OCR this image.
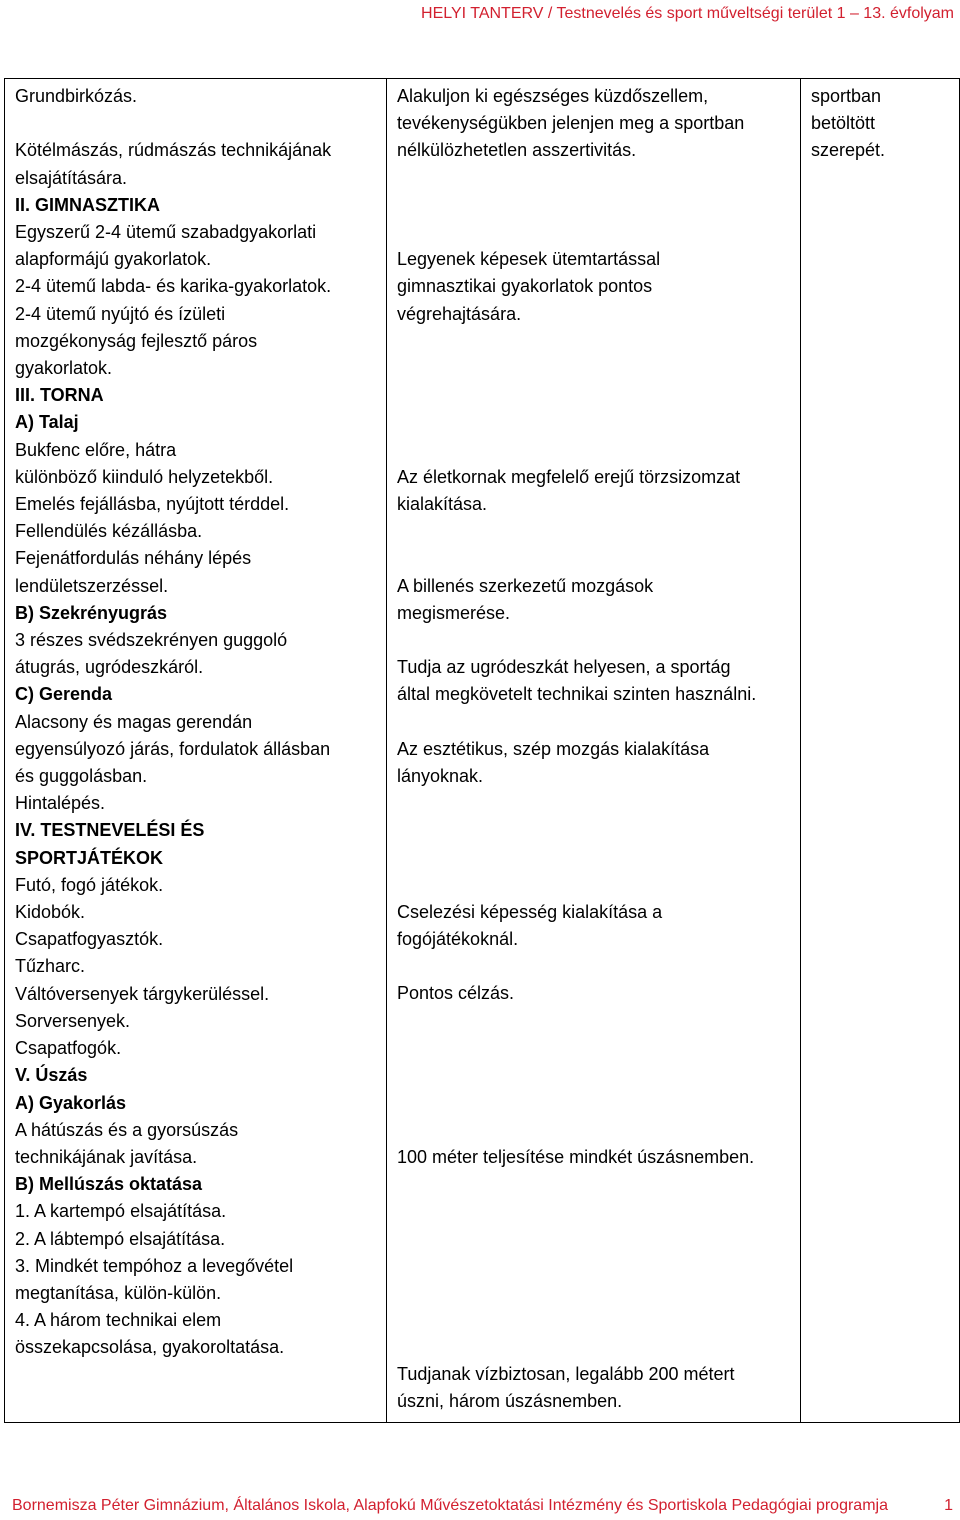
HELYI TANTERV / Testnevelés és sport műveltségi terület 1 – 13. évfolyam
Grundbirkózás.
Kötélmászás, rúdmászás technikájának
elsajátítására.
II. GIMNASZTIKA
Egyszerű 2-4 ütemű szabadgyakorlati
alapformájú gyakorlatok.
2-4 ütemű labda- és karika-gyakorlatok.
2-4 ütemű nyújtó és ízületi
mozgékonyság fejlesztő páros
gyakorlatok.
III. TORNA
A) Talaj
Bukfenc előre, hátra
különböző kiinduló helyzetekből.
Emelés fejállásba, nyújtott térddel.
Fellendülés kézállásba.
Fejenátfordulás néhány lépés
lendületszerzéssel.
B) Szekrényugrás
3 részes svédszekrényen guggoló
átugrás, ugródeszkáról.
C) Gerenda
Alacsony és magas gerendán
egyensúlyozó járás, fordulatok állásban
és guggolásban.
Hintalépés.
IV. TESTNEVELÉSI ÉS
SPORTJÁTÉKOK
Futó, fogó játékok.
Kidobók.
Csapatfogyasztók.
Tűzharc.
Váltóversenyek tárgykerüléssel.
Sorversenyek.
Csapatfogók.
V. Úszás
A) Gyakorlás
A hátúszás és a gyorsúszás
technikájának javítása.
B) Mellúszás oktatása
1. A kartempó elsajátítása.
2. A lábtempó elsajátítása.
3. Mindkét tempóhoz a levegővétel
megtanítása, külön-külön.
4. A három technikai elem
összekapcsolása, gyakoroltatása.

Alakuljon ki egészséges küzdőszellem,
tevékenységükben jelenjen meg a sportban
nélkülözhetetlen asszertivitás.
Legyenek képesek ütemtartással
gimnasztikai gyakorlatok pontos
végrehajtására.
Az életkornak megfelelő erejű törzsizomzat
kialakítása.
A billenés szerkezetű mozgások
megismerése.
Tudja az ugródeszkát helyesen, a sportág
által megkövetelt technikai szinten használni.
Az esztétikus, szép mozgás kialakítása
lányoknak.
Cselezési képesség kialakítása a
fogójátékoknál.
Pontos célzás.
100 méter teljesítése mindkét úszásnemben.
Tudjanak vízbiztosan, legalább 200 métert
úszni, három úszásnemben.

sportban
betöltött
szerepét.
Bornemisza Péter Gimnázium, Általános Iskola, Alapfokú Művészetoktatási Intézmény és Sportiskola Pedagógiai programja	1
